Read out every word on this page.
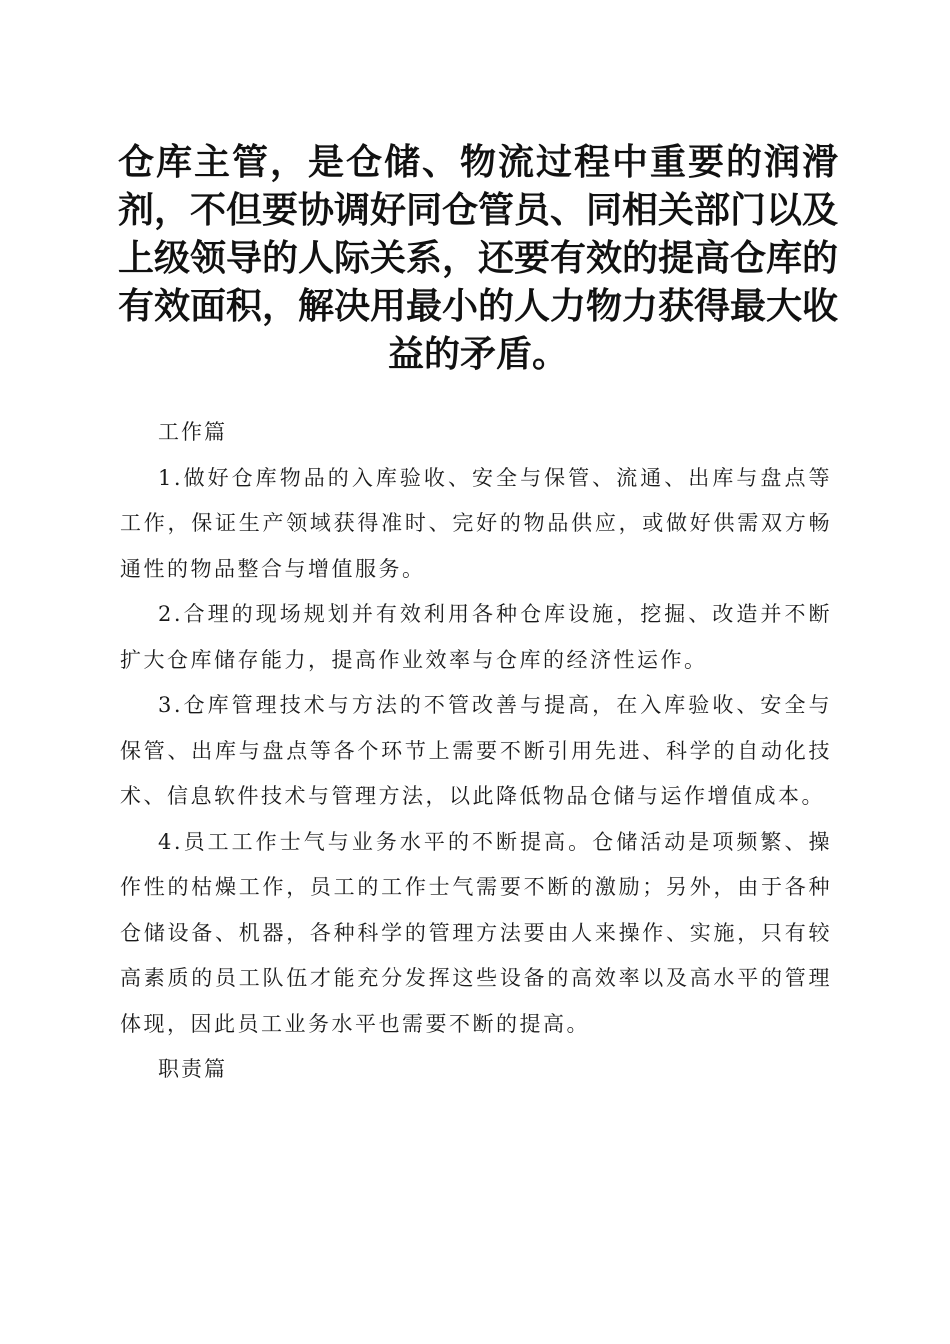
仓库主管，是仓储、物流过程中重要的润滑剂，不但要协调好同仓管员、同相关部门以及上级领导的人际关系，还要有效的提高仓库的有效面积，解决用最小的人力物力获得最大收益的矛盾。

工作篇

1.做好仓库物品的入库验收、安全与保管、流通、出库与盘点等工作，保证生产领域获得准时、完好的物品供应，或做好供需双方畅通性的物品整合与增值服务。

2.合理的现场规划并有效利用各种仓库设施，挖掘、改造并不断扩大仓库储存能力，提高作业效率与仓库的经济性运作。

3.仓库管理技术与方法的不管改善与提高，在入库验收、安全与保管、出库与盘点等各个环节上需要不断引用先进、科学的自动化技术、信息软件技术与管理方法，以此降低物品仓储与运作增值成本。

4.员工工作士气与业务水平的不断提高。仓储活动是项频繁、操作性的枯燥工作，员工的工作士气需要不断的激励；另外，由于各种仓储设备、机器，各种科学的管理方法要由人来操作、实施，只有较高素质的员工队伍才能充分发挥这些设备的高效率以及高水平的管理体现，因此员工业务水平也需要不断的提高。

职责篇
